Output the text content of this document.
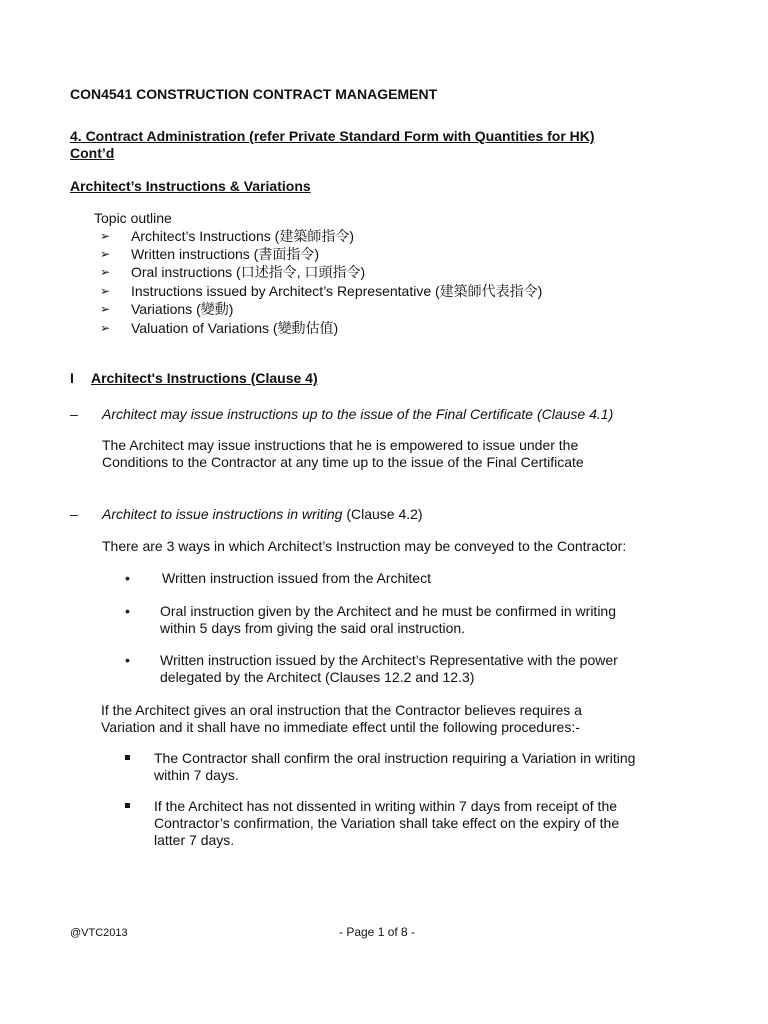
CON4541 CONSTRUCTION CONTRACT MANAGEMENT
4. Contract Administration (refer Private Standard Form with Quantities for HK)
Cont’d
Architect’s Instructions & Variations
Topic outline
➢ Architect’s Instructions (建築師指令)
➢ Written instructions (書面指令)
➢ Oral instructions (口述指令, 口頭指令)
➢ Instructions issued by Architect’s Representative (建築師代表指令)
➢ Variations (變動)
➢ Valuation of Variations (變動估值)
I Architect's Instructions (Clause 4)
– Architect may issue instructions up to the issue of the Final Certificate (Clause 4.1)
The Architect may issue instructions that he is empowered to issue under the
Conditions to the Contractor at any time up to the issue of the Final Certificate
– Architect to issue instructions in writing (Clause 4.2)
There are 3 ways in which Architect’s Instruction may be conveyed to the Contractor:
• Written instruction issued from the Architect
• Oral instruction given by the Architect and he must be confirmed in writing
within 5 days from giving the said oral instruction.
• Written instruction issued by the Architect’s Representative with the power
delegated by the Architect (Clauses 12.2 and 12.3)
If the Architect gives an oral instruction that the Contractor believes requires a
Variation and it shall have no immediate effect until the following procedures:-
The Contractor shall confirm the oral instruction requiring a Variation in writing
within 7 days.
If the Architect has not dissented in writing within 7 days from receipt of the
Contractor’s confirmation, the Variation shall take effect on the expiry of the
latter 7 days.
@VTC2013	- Page 1 of 8 -
